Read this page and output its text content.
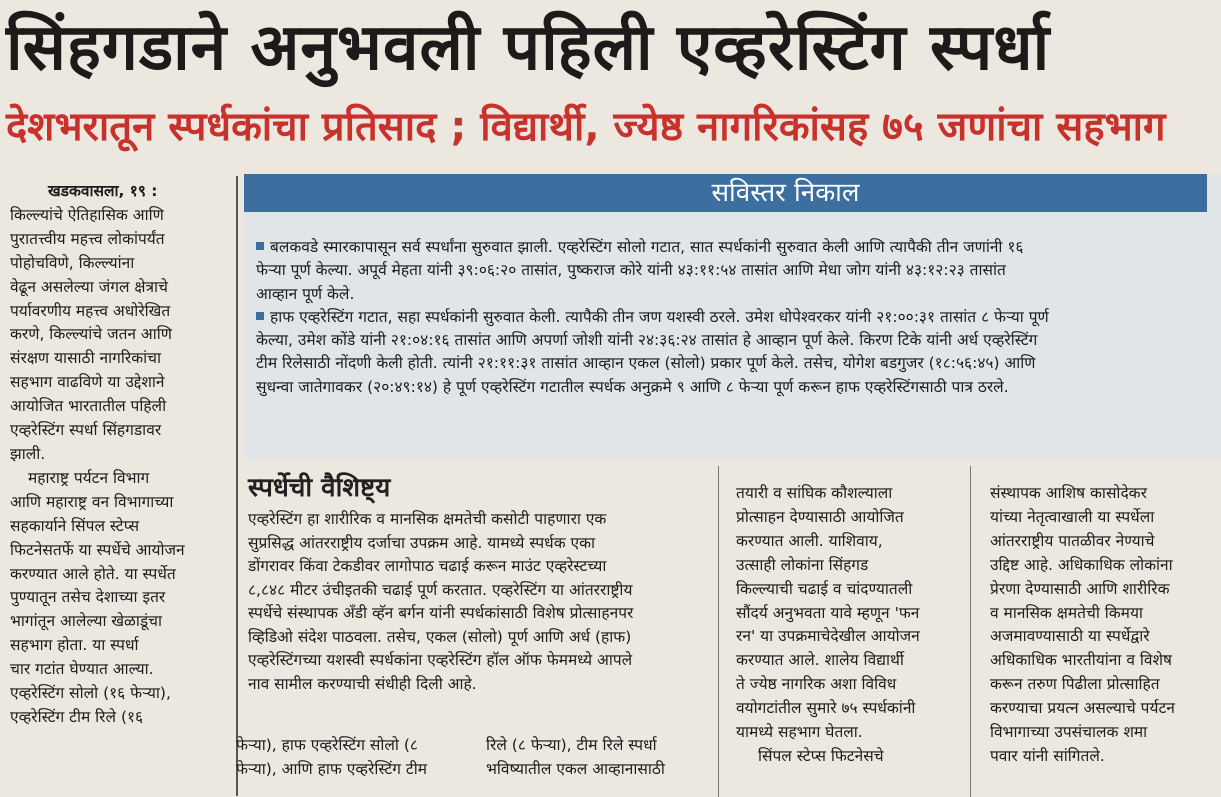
सिंहगडाने अनुभवली पहिली एव्हरेस्टिंग स्पर्धा
देशभरातून स्पर्धकांचा प्रतिसाद ; विद्यार्थी, ज्येष्ठ नागरिकांसह ७५ जणांचा सहभाग

खडकवासला, १९ :

किल्ल्यांचे ऐतिहासिक आणि

पुरातत्त्वीय महत्त्व लोकांपर्यंत

पोहोचविणे, किल्ल्यांना

वेढून असलेल्या जंगल क्षेत्राचे

पर्यावरणीय महत्त्व अधोरेखित

करणे, किल्ल्यांचे जतन आणि

संरक्षण यासाठी नागरिकांचा

सहभाग वाढविणे या उद्देशाने

आयोजित भारतातील पहिली

एव्हरेस्टिंग स्पर्धा सिंहगडावर

झाली.

महाराष्ट्र पर्यटन विभाग

आणि महाराष्ट्र वन विभागाच्या

सहकार्याने सिंपल स्टेप्स

फिटनेसतर्फे या स्पर्धेचे आयोजन

करण्यात आले होते. या स्पर्धेत

पुण्यातून तसेच देशाच्या इतर

भागांतून आलेल्या खेळाडूंचा

सहभाग होता. या स्पर्धा

चार गटांत घेण्यात आल्या.

एव्हरेस्टिंग सोलो (१६ फेऱ्या),

एव्हरेस्टिंग टीम रिले (१६

सविस्तर निकाल

बलकवडे स्मारकापासून सर्व स्पर्धांना सुरुवात झाली. एव्हरेस्टिंग सोलो गटात, सात स्पर्धकांनी सुरुवात केली आणि त्यापैकी तीन जणांनी १६

फेऱ्या पूर्ण केल्या. अपूर्व मेहता यांनी ३९:०६:२० तासांत, पुष्कराज कोरे यांनी ४३:११:५४ तासांत आणि मेधा जोग यांनी ४३:१२:२३ तासांत

आव्हान पूर्ण केले.

हाफ एव्हरेस्टिंग गटात, सहा स्पर्धकांनी सुरुवात केली. त्यापैकी तीन जण यशस्वी ठरले. उमेश धोपेश्वरकर यांनी २१:००:३१ तासांत ८ फेऱ्या पूर्ण

केल्या, उमेश कोंडे यांनी २१:०४:१६ तासांत आणि अपर्णा जोशी यांनी २४:३६:२४ तासांत हे आव्हान पूर्ण केले. किरण टिके यांनी अर्ध एव्हरेस्टिंग

टीम रिलेसाठी नोंदणी केली होती. त्यांनी २१:११:३१ तासांत आव्हान एकल (सोलो) प्रकार पूर्ण केले. तसेच, योगेश बडगुजर (१८:५६:४५) आणि

सुधन्वा जातेगावकर (२०:४९:१४) हे पूर्ण एव्हरेस्टिंग गटातील स्पर्धक अनुक्रमे ९ आणि ८ फेऱ्या पूर्ण करून हाफ एव्हरेस्टिंगसाठी पात्र ठरले.

स्पर्धेची वैशिष्ट्य

एव्हरेस्टिंग हा शारीरिक व मानसिक क्षमतेची कसोटी पाहणारा एक

सुप्रसिद्ध आंतरराष्ट्रीय दर्जाचा उपक्रम आहे. यामध्ये स्पर्धक एका

डोंगरावर किंवा टेकडीवर लागोपाठ चढाई करून माउंट एव्हरेस्टच्या

८,८४८ मीटर उंचीइतकी चढाई पूर्ण करतात. एव्हरेस्टिंग या आंतरराष्ट्रीय

स्पर्धेचे संस्थापक अँडी व्हॅन बर्गन यांनी स्पर्धकांसाठी विशेष प्रोत्साहनपर

व्हिडिओ संदेश पाठवला. तसेच, एकल (सोलो) पूर्ण आणि अर्ध (हाफ)

एव्हरेस्टिंगच्या यशस्वी स्पर्धकांना एव्हरेस्टिंग हॉल ऑफ फेममध्ये आपले

नाव सामील करण्याची संधीही दिली आहे.

फेऱ्या), हाफ एव्हरेस्टिंग सोलो (८

फेऱ्या), आणि हाफ एव्हरेस्टिंग टीम

रिले (८ फेऱ्या), टीम रिले स्पर्धा

भविष्यातील एकल आव्हानासाठी

तयारी व सांघिक कौशल्याला

प्रोत्साहन देण्यासाठी आयोजित

करण्यात आली. याशिवाय,

उत्साही लोकांना सिंहगड

किल्ल्याची चढाई व चांदण्यातली

सौंदर्य अनुभवता यावे म्हणून 'फन

रन' या उपक्रमाचेदेखील आयोजन

करण्यात आले. शालेय विद्यार्थी

ते ज्येष्ठ नागरिक अशा विविध

वयोगटांतील सुमारे ७५ स्पर्धकांनी

यामध्ये सहभाग घेतला.

सिंपल स्टेप्स फिटनेसचे

संस्थापक आशिष कासोदेकर

यांच्या नेतृत्वाखाली या स्पर्धेला

आंतरराष्ट्रीय पातळीवर नेण्याचे

उद्दिष्ट आहे. अधिकाधिक लोकांना

प्रेरणा देण्यासाठी आणि शारीरिक

व मानसिक क्षमतेची किमया

अजमावण्यासाठी या स्पर्धेद्वारे

अधिकाधिक भारतीयांना व विशेष

करून तरुण पिढीला प्रोत्साहित

करण्याचा प्रयत्न असल्याचे पर्यटन

विभागाच्या उपसंचालक शमा

पवार यांनी सांगितले.
